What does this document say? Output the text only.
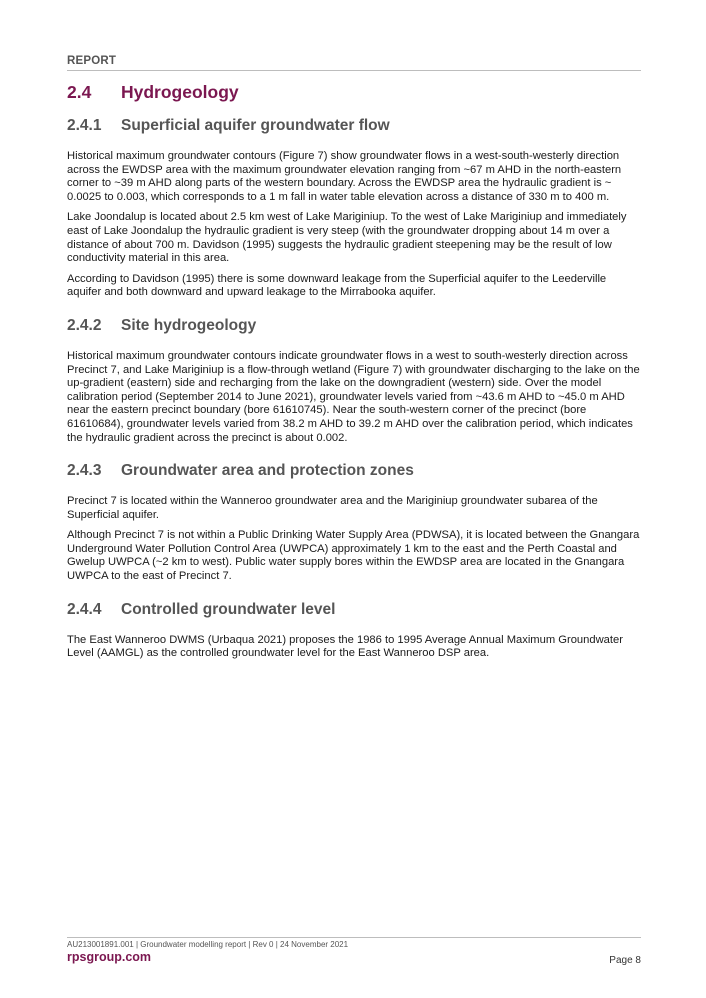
REPORT
2.4	Hydrogeology
2.4.1	Superficial aquifer groundwater flow

Historical maximum groundwater contours (Figure 7) show groundwater flows in a west-south-westerly direction across the EWDSP area with the maximum groundwater elevation ranging from ~67 m AHD in the north-eastern corner to ~39 m AHD along parts of the western boundary. Across the EWDSP area the hydraulic gradient is ~ 0.0025 to 0.003, which corresponds to a 1 m fall in water table elevation across a distance of 330 m to 400 m.

Lake Joondalup is located about 2.5 km west of Lake Mariginiup. To the west of Lake Mariginiup and immediately east of Lake Joondalup the hydraulic gradient is very steep (with the groundwater dropping about 14 m over a distance of about 700 m. Davidson (1995) suggests the hydraulic gradient steepening may be the result of low conductivity material in this area.

According to Davidson (1995) there is some downward leakage from the Superficial aquifer to the Leederville aquifer and both downward and upward leakage to the Mirrabooka aquifer.

2.4.2	Site hydrogeology

Historical maximum groundwater contours indicate groundwater flows in a west to south-westerly direction across Precinct 7, and Lake Mariginiup is a flow-through wetland (Figure 7) with groundwater discharging to the lake on the up-gradient (eastern) side and recharging from the lake on the downgradient (western) side. Over the model calibration period (September 2014 to June 2021), groundwater levels varied from ~43.6 m AHD to ~45.0 m AHD near the eastern precinct boundary (bore 61610745). Near the south-western corner of the precinct (bore 61610684), groundwater levels varied from 38.2 m AHD to 39.2 m AHD over the calibration period, which indicates the hydraulic gradient across the precinct is about 0.002.

2.4.3	Groundwater area and protection zones

Precinct 7 is located within the Wanneroo groundwater area and the Mariginiup groundwater subarea of the Superficial aquifer.

Although Precinct 7 is not within a Public Drinking Water Supply Area (PDWSA), it is located between the Gnangara Underground Water Pollution Control Area (UWPCA) approximately 1 km to the east and the Perth Coastal and Gwelup UWPCA (~2 km to west). Public water supply bores within the EWDSP area are located in the Gnangara UWPCA to the east of Precinct 7.

2.4.4	Controlled groundwater level

The East Wanneroo DWMS (Urbaqua 2021) proposes the 1986 to 1995 Average Annual Maximum Groundwater Level (AAMGL) as the controlled groundwater level for the East Wanneroo DSP area.

AU213001891.001 | Groundwater modelling report | Rev 0 | 24 November 2021
rpsgroup.com	Page 8
